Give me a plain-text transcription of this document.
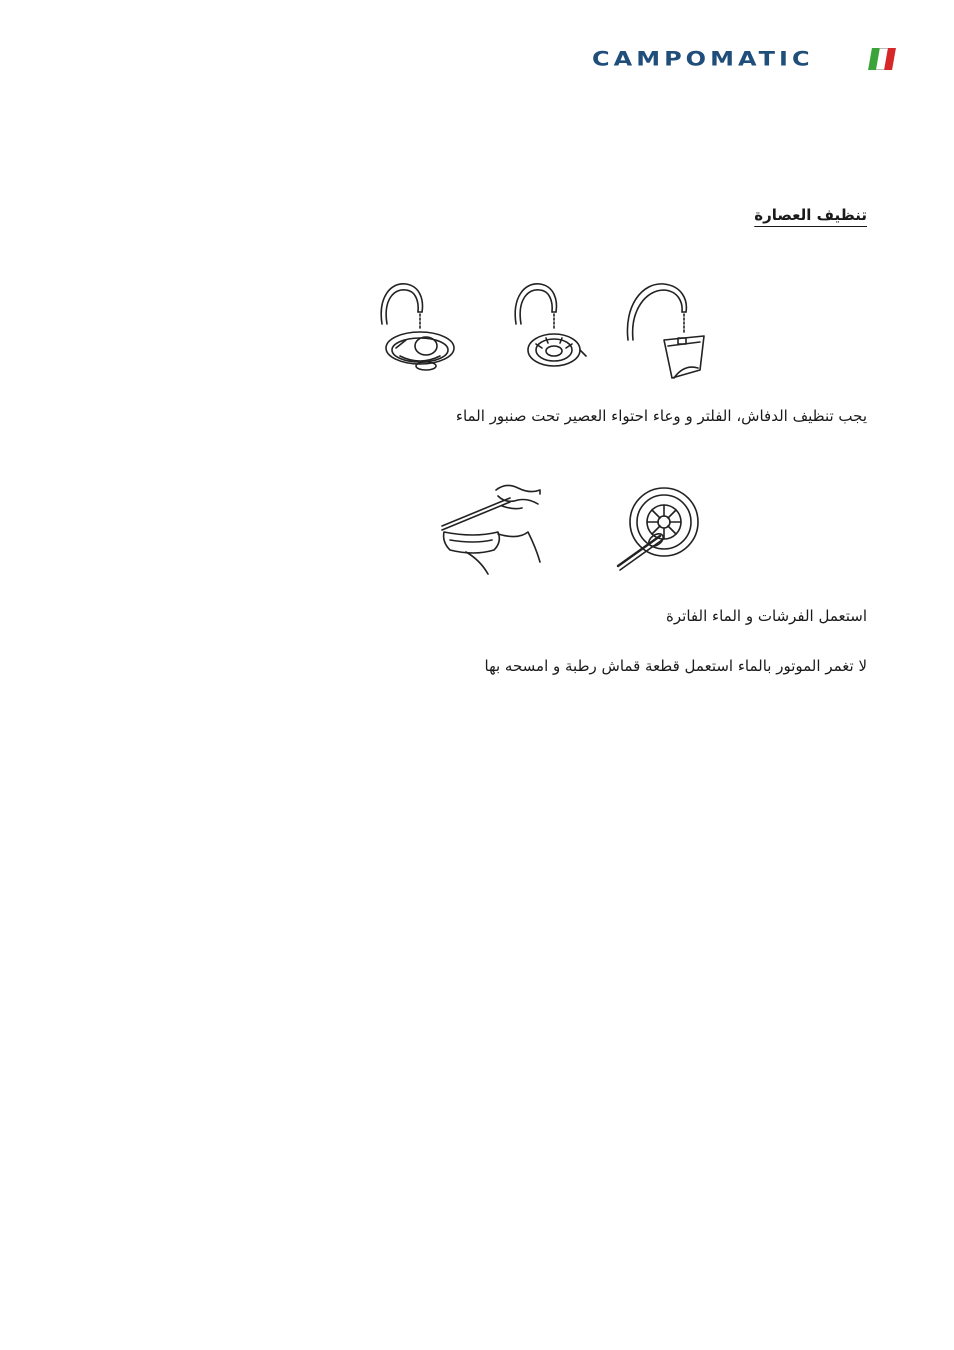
CAMPOMATIC
تنظيف العصارة
يجب تنظيف الدفاش، الفلتر و وعاء احتواء العصير تحت صنبور الماء
استعمل الفرشات و الماء الفاترة
لا تغمر الموتور بالماء استعمل قطعة قماش رطبة و امسحه بها
